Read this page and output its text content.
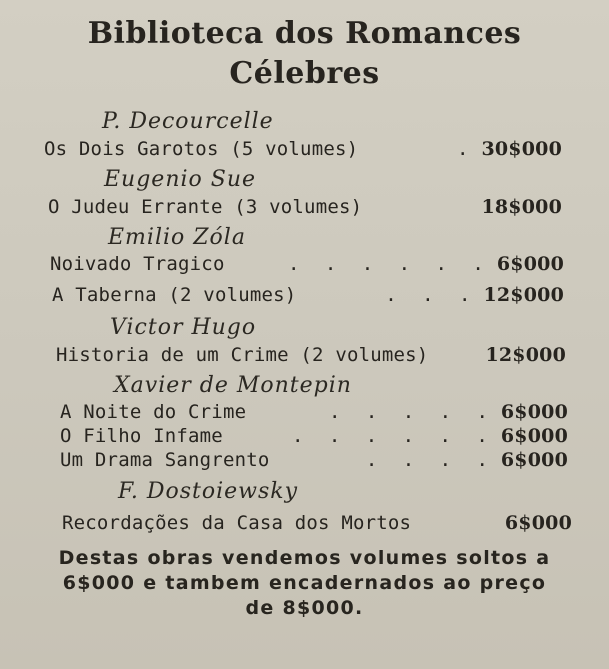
Biblioteca dos Romances
Célebres
P. Decourcelle
Os Dois Garotos (5 volumes)	. 30$000
Eugenio Sue
O Judeu Errante (3 volumes)	18$000
Emilio Zóla
Noivado Tragico	. . . . . . 6$000
A Taberna (2 volumes)	. . . 12$000
Victor Hugo
Historia de um Crime (2 volumes)	12$000
Xavier de Montepin
A Noite do Crime	. . . . . 6$000
O Filho Infame	. . . . . . 6$000
Um Drama Sangrento	. . . . 6$000
F. Dostoiewsky
Recordações da Casa dos Mortos	6$000
Destas obras vendemos volumes soltos a
6$000 e tambem encadernados ao preço
de 8$000.
